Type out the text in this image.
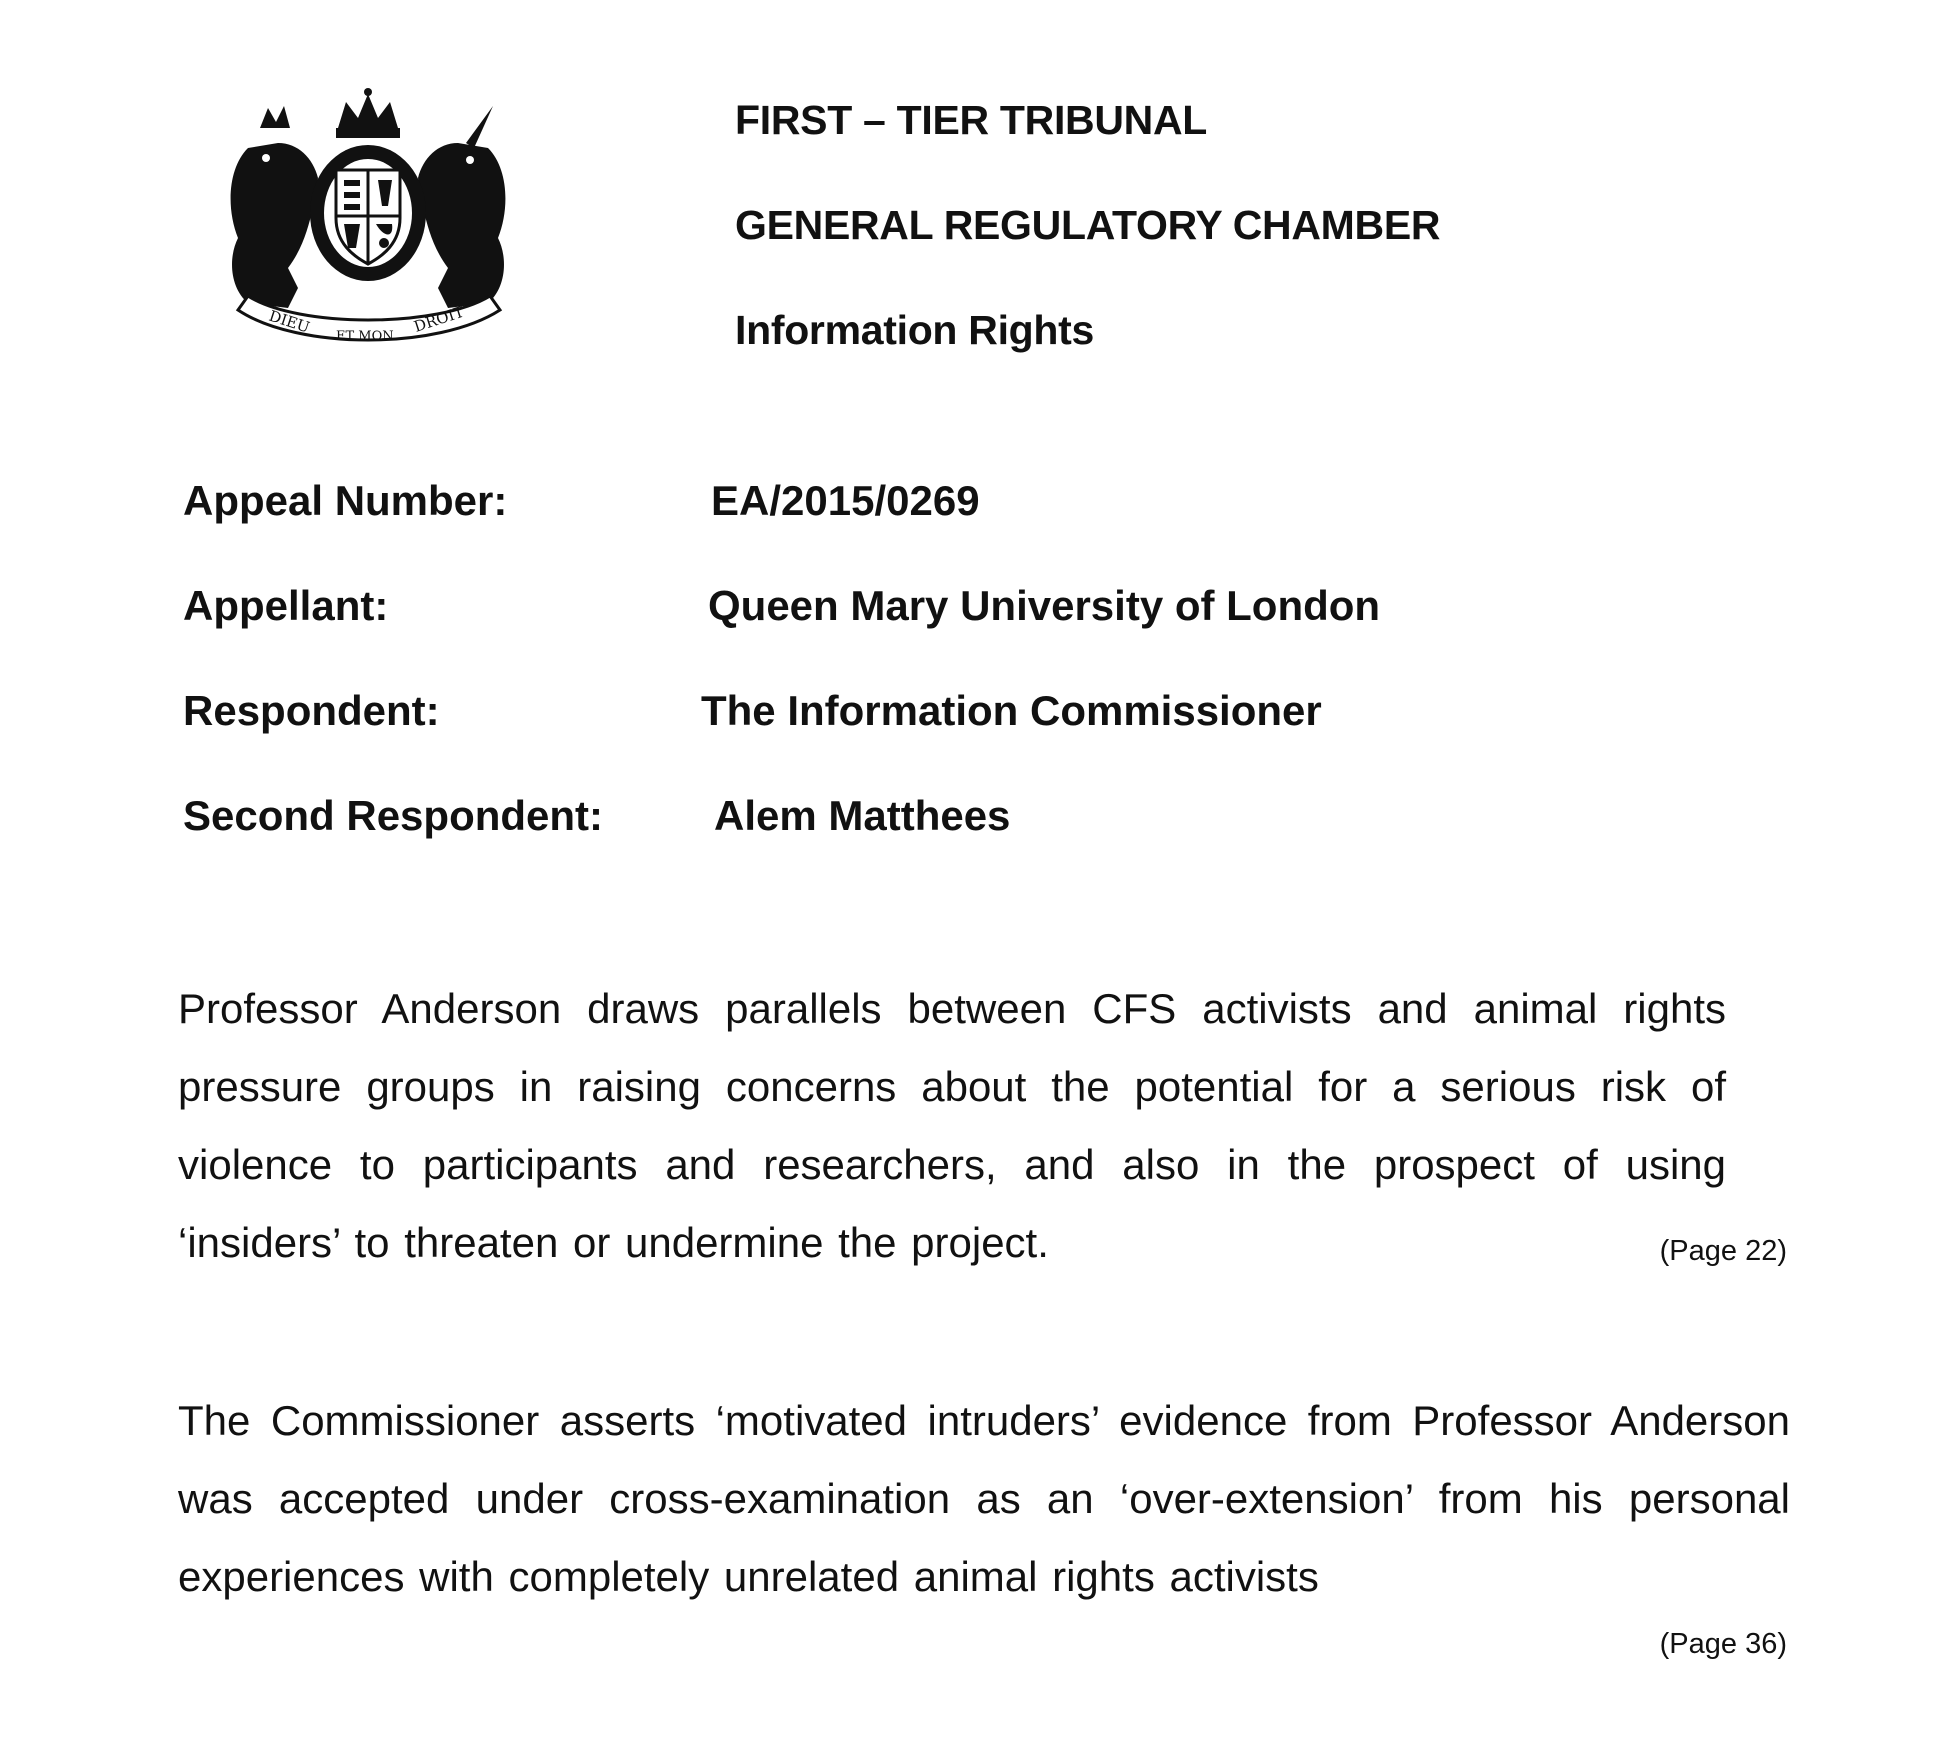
DIEU ET MON
DROIT
FIRST – TIER TRIBUNAL
GENERAL REGULATORY CHAMBER
Information Rights
Appeal Number:	EA/2015/0269
Appellant:	Queen Mary University of London
Respondent:	The Information Commissioner
Second Respondent:	Alem Matthees

Professor Anderson draws parallels between CFS activists and animal rights pressure groups in raising concerns about the potential for a serious risk of violence to participants and researchers, and also in the prospect of using ‘insiders’ to threaten or undermine the project.	(Page 22)

The Commissioner asserts ‘motivated intruders’ evidence from Professor Anderson was accepted under cross-examination as an ‘over-extension’ from his personal experiences with completely unrelated animal rights activists

(Page 36)
